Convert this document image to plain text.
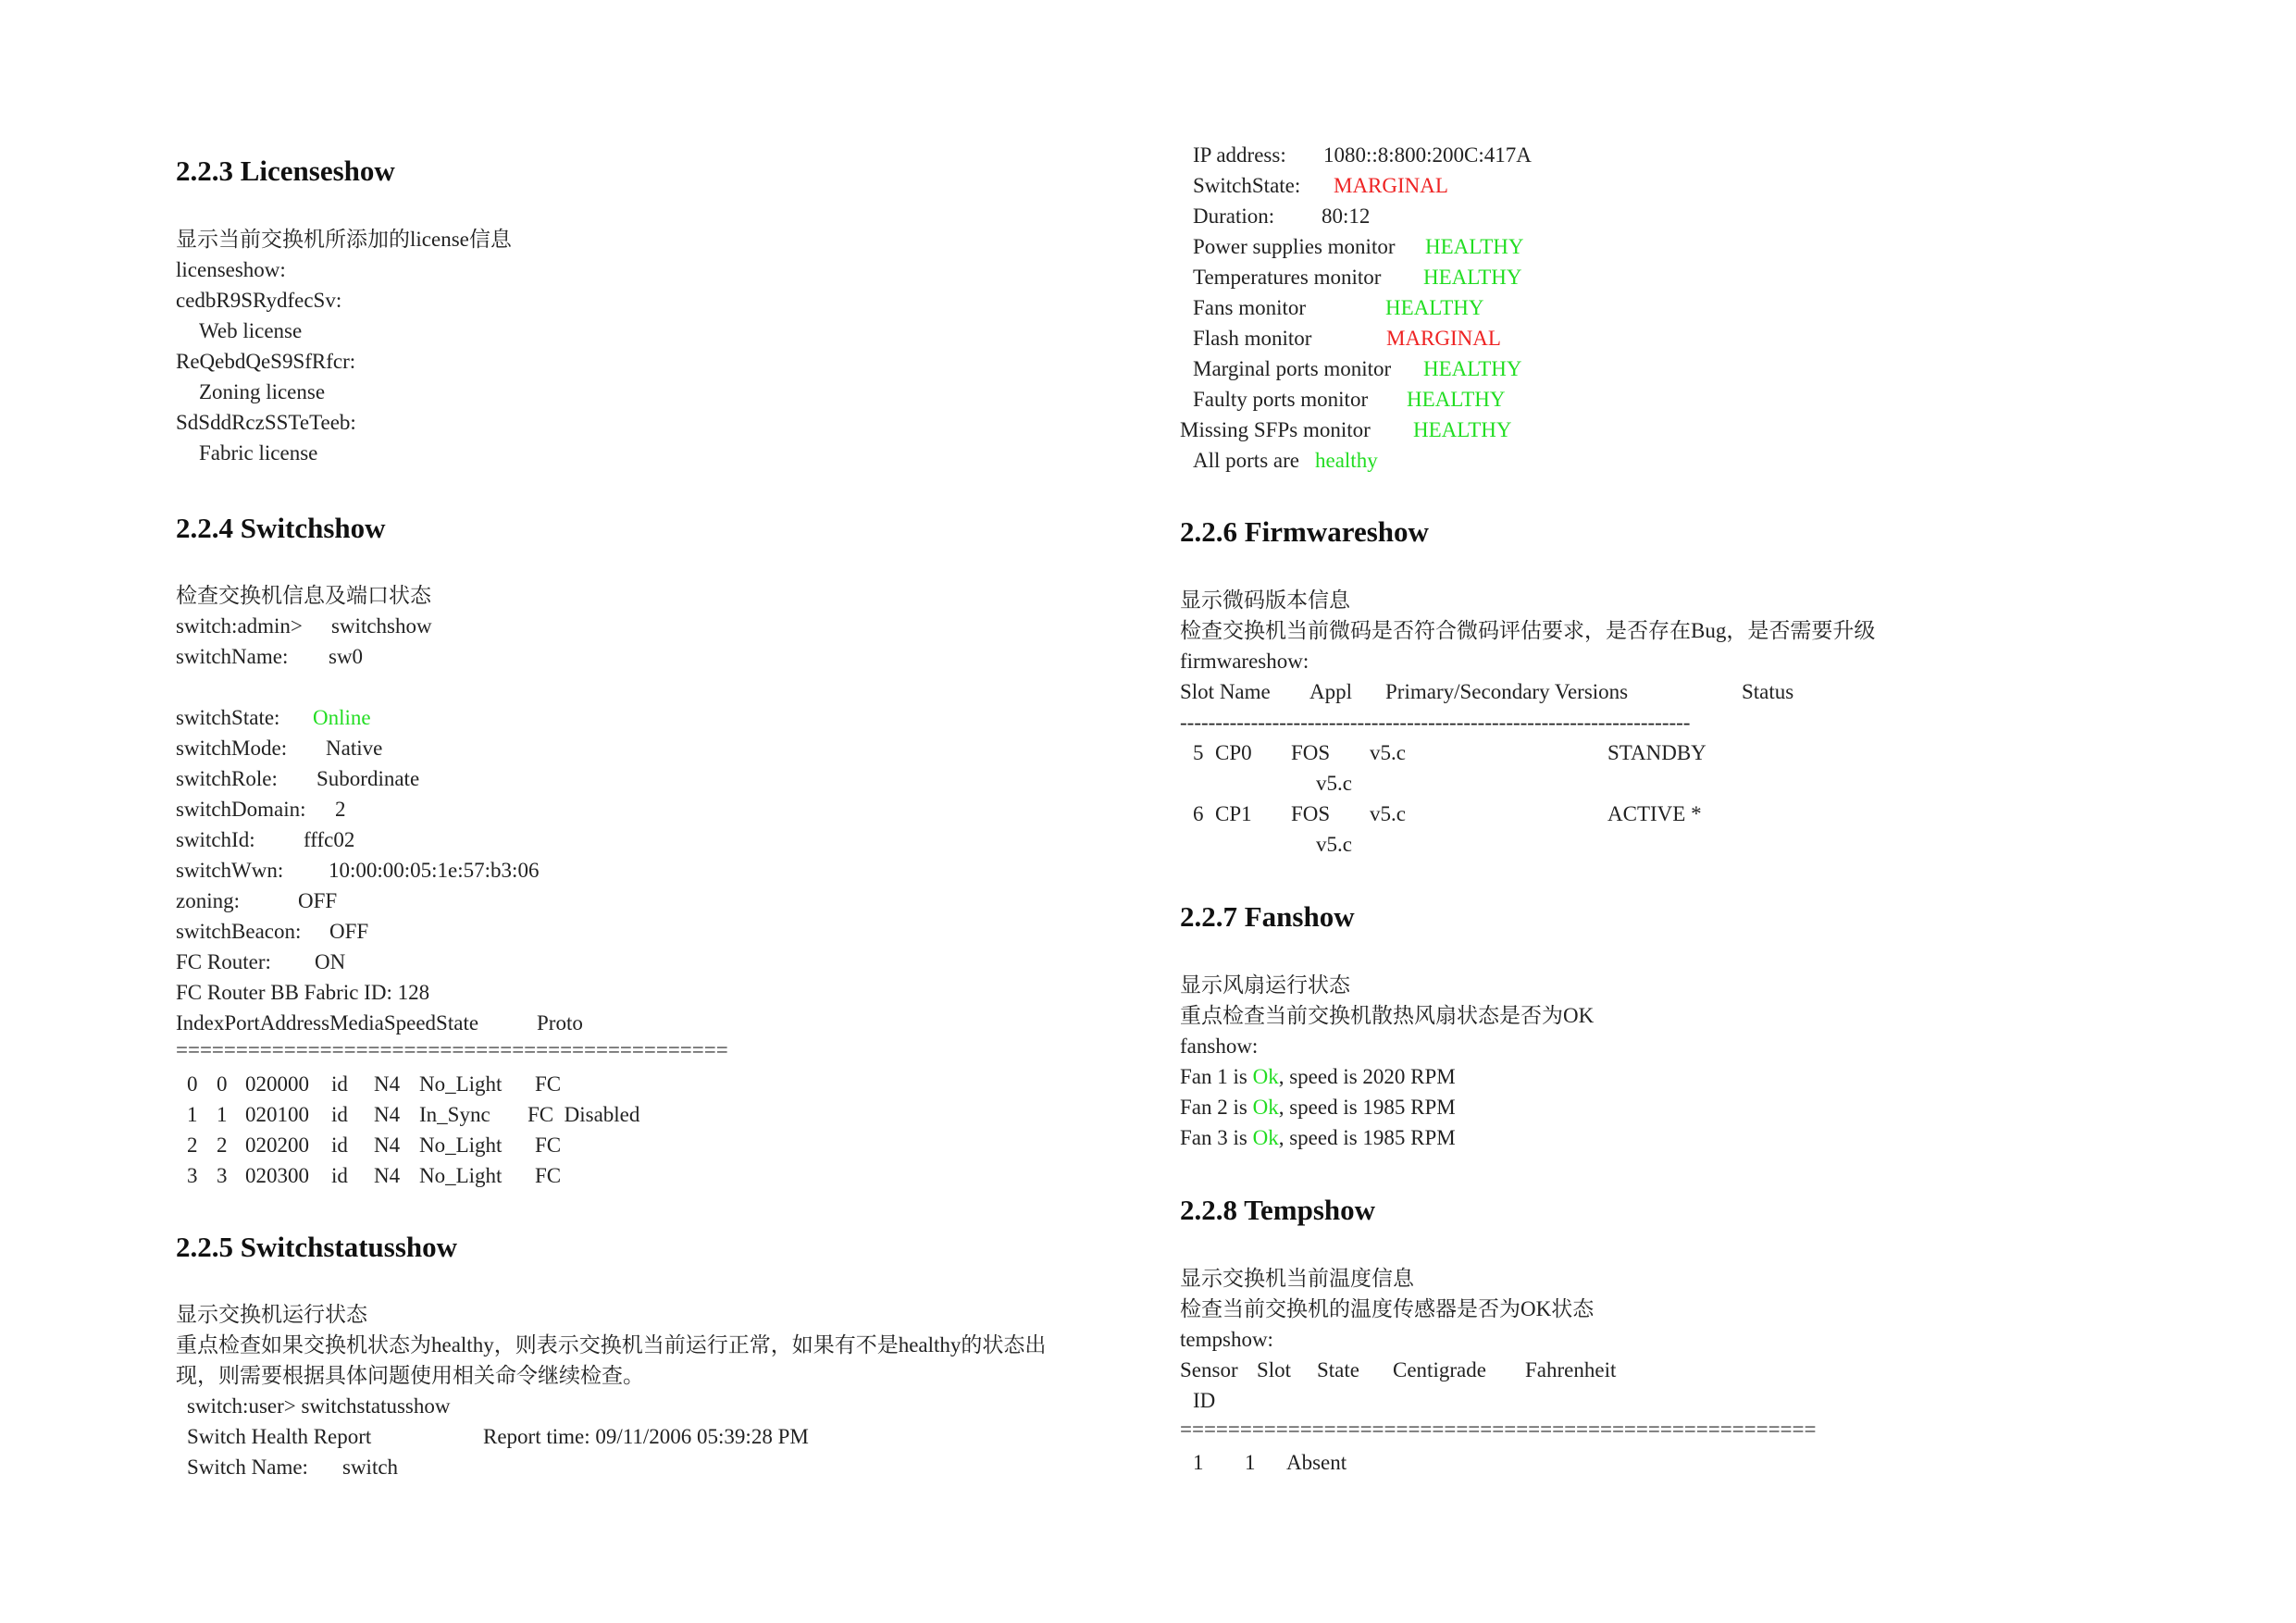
2.2.3 Licenseshow
显示当前交换机所添加的license信息
licenseshow:
cedbR9SRydfecSv:
Web license
ReQebdQeS9SfRfcr:
Zoning license
SdSddRczSSTeTeeb:
Fabric license
2.2.4 Switchshow
检查交换机信息及端口状态
switch:admin> switchshow
switchName: sw0
switchState: Online
switchMode: Native
switchRole: Subordinate
switchDomain: 2
switchId: fffc02
switchWwn: 10:00:00:05:1e:57:b3:06
zoning:	OFF
switchBeacon: OFF
FC Router: ON
FC Router BB Fabric ID: 128
IndexPortAddressMediaSpeedState	Proto
==============================================
0 0 020000 id N4 No_Light FC
1 1 020100 id N4 In_Sync FC  Disabled
2 2 020200 id N4 No_Light FC
3 3 020300 id N4 No_Light FC
2.2.5 Switchstatusshow
显示交换机运行状态
重点检查如果交换机状态为healthy，则表示交换机当前运行正常，如果有不是healthy的状态出
现，则需要根据具体问题使用相关命令继续检查。
switch:user> switchstatusshow
Switch Health Report	Report time: 09/11/2006 05:39:28 PM
Switch Name: switch
IP address: 1080::8:800:200C:417A
SwitchState: MARGINAL
Duration: 80:12
Power supplies monitor HEALTHY
Temperatures monitor HEALTHY
Fans monitor	HEALTHY
Flash monitor	MARGINAL
Marginal ports monitor HEALTHY
Faulty ports monitor HEALTHY
Missing SFPs monitor HEALTHY
All ports are healthy
2.2.6 Firmwareshow
显示微码版本信息
检查交换机当前微码是否符合微码评估要求，是否存在Bug，是否需要升级
firmwareshow:
Slot Name Appl Primary/Secondary Versions	Status
------------------------------------------------------------------------
5 CP0 FOS v5.c	STANDBY
v5.c
6 CP1 FOS v5.c	ACTIVE *
v5.c
2.2.7 Fanshow
显示风扇运行状态
重点检查当前交换机散热风扇状态是否为OK
fanshow:
Fan 1 is Ok, speed is 2020 RPM
Fan 2 is Ok, speed is 1985 RPM
Fan 3 is Ok, speed is 1985 RPM
2.2.8 Tempshow
显示交换机当前温度信息
检查当前交换机的温度传感器是否为OK状态
tempshow:
Sensor Slot State Centigrade Fahrenheit
ID
=====================================================
1 1 Absent
